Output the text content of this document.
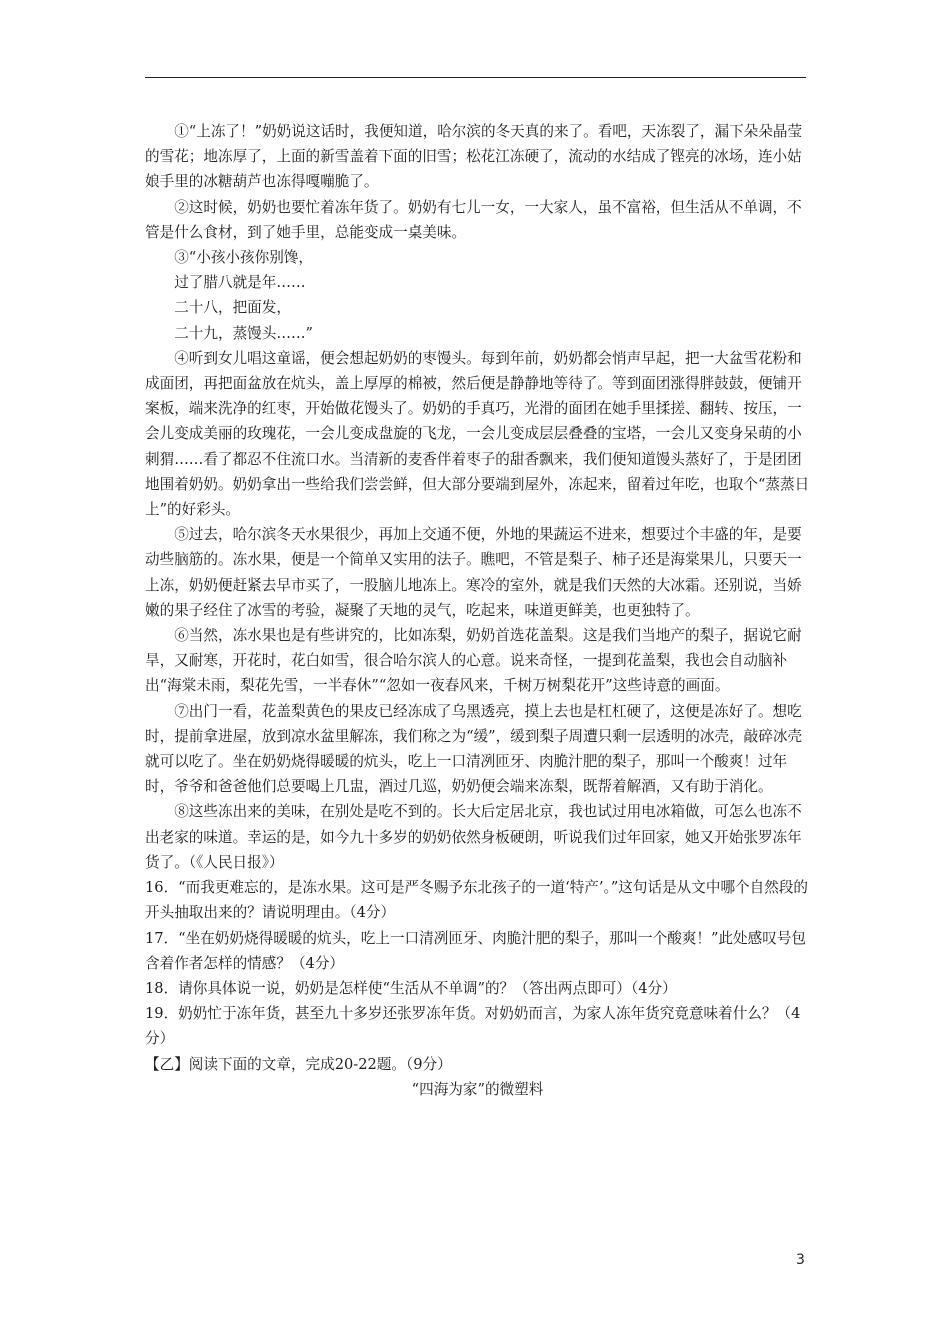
①“上冻了！”奶奶说这话时，我便知道，哈尔滨的冬天真的来了。看吧，天冻裂了，漏下朵朵晶莹的雪花；地冻厚了，上面的新雪盖着下面的旧雪；松花江冻硬了，流动的水结成了铿亮的冰场，连小姑娘手里的冰糖葫芦也冻得嘎嘣脆了。

②这时候，奶奶也要忙着冻年货了。奶奶有七儿一女，一大家人，虽不富裕，但生活从不单调，不管是什么食材，到了她手里，总能变成一桌美味。

③“小孩小孩你别馋，

过了腊八就是年……

二十八，把面发，

二十九，蒸馒头……”

④听到女儿唱这童谣，便会想起奶奶的枣馒头。每到年前，奶奶都会悄声早起，把一大盆雪花粉和成面团，再把面盆放在炕头，盖上厚厚的棉被，然后便是静静地等待了。等到面团涨得胖鼓鼓，便铺开案板，端来洗净的红枣，开始做花馒头了。奶奶的手真巧，光滑的面团在她手里揉搓、翻转、按压，一会儿变成美丽的玫瑰花，一会儿变成盘旋的飞龙，一会儿变成层层叠叠的宝塔，一会儿又变身呆萌的小刺猬……看了都忍不住流口水。当清新的麦香伴着枣子的甜香飘来，我们便知道馒头蒸好了，于是团团地围着奶奶。奶奶拿出一些给我们尝尝鲜，但大部分要端到屋外，冻起来，留着过年吃，也取个“蒸蒸日上”的好彩头。

⑤过去，哈尔滨冬天水果很少，再加上交通不便，外地的果蔬运不进来，想要过个丰盛的年，是要动些脑筋的。冻水果，便是一个简单又实用的法子。瞧吧，不管是梨子、柿子还是海棠果儿，只要天一上冻，奶奶便赶紧去早市买了，一股脑儿地冻上。寒冷的室外，就是我们天然的大冰霜。还别说，当娇嫩的果子经住了冰雪的考验，凝聚了天地的灵气，吃起来，味道更鲜美，也更独特了。

⑥当然，冻水果也是有些讲究的，比如冻梨，奶奶首选花盖梨。这是我们当地产的梨子，据说它耐旱，又耐寒，开花时，花白如雪，很合哈尔滨人的心意。说来奇怪，一提到花盖梨，我也会自动脑补出“海棠未雨，梨花先雪，一半春休”“忽如一夜春风来，千树万树梨花开”这些诗意的画面。

⑦出门一看，花盖梨黄色的果皮已经冻成了乌黑透亮，摸上去也是杠杠硬了，这便是冻好了。想吃时，提前拿进屋，放到凉水盆里解冻，我们称之为“缓”，缓到梨子周遭只剩一层透明的冰壳，敲碎冰壳就可以吃了。坐在奶奶烧得暖暖的炕头，吃上一口清冽匝牙、肉脆汁肥的梨子，那叫一个酸爽！过年时，爷爷和爸爸他们总要喝上几盅，酒过几巡，奶奶便会端来冻梨，既帮着解酒，又有助于消化。

⑧这些冻出来的美味，在别处是吃不到的。长大后定居北京，我也试过用电冰箱做，可怎么也冻不出老家的味道。幸运的是，如今九十多岁的奶奶依然身板硬朗，听说我们过年回家，她又开始张罗冻年货了。（《人民日报》）

16．“而我更难忘的，是冻水果。这可是严冬赐予东北孩子的一道‘特产’。”这句话是从文中哪个自然段的开头抽取出来的？请说明理由。（4分）

17．“坐在奶奶烧得暖暖的炕头，吃上一口清冽匝牙、肉脆汁肥的梨子，那叫一个酸爽！”此处感叹号包含着作者怎样的情感？（4分）

18．请你具体说一说，奶奶是怎样使“生活从不单调”的？（答出两点即可）（4分）

19．奶奶忙于冻年货，甚至九十多岁还张罗冻年货。对奶奶而言，为家人冻年货究竟意味着什么？（4分）

【乙】阅读下面的文章，完成20-22题。（9分）

“四海为家”的微塑料

3
